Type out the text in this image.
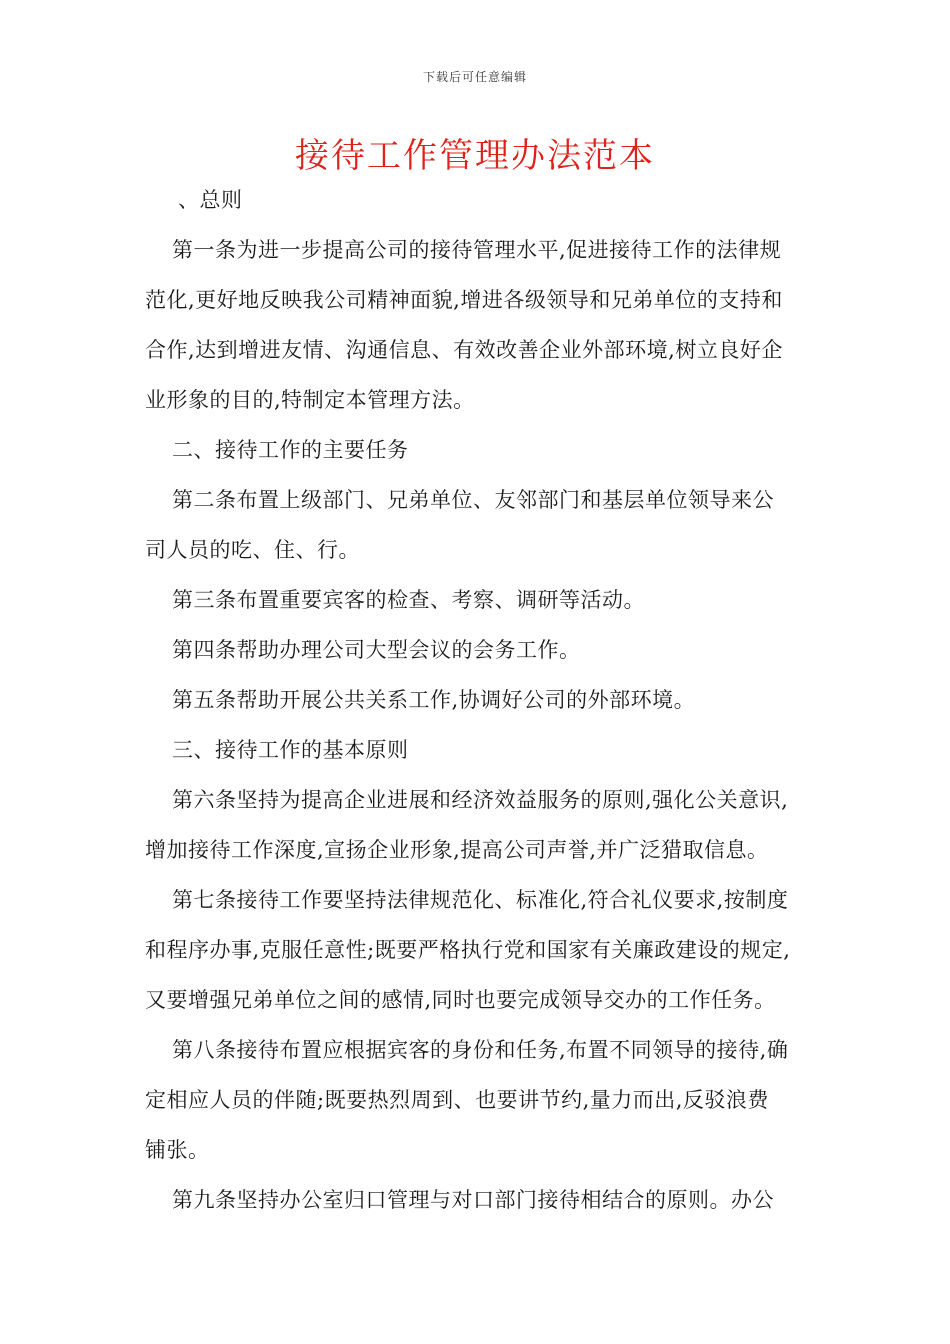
下载后可任意编辑
接待工作管理办法范本
、总则
第一条为进一步提高公司的接待管理水平,促进接待工作的法律规
范化,更好地反映我公司精神面貌,增进各级领导和兄弟单位的支持和
合作,达到增进友情、沟通信息、有效改善企业外部环境,树立良好企
业形象的目的,特制定本管理方法。
二、接待工作的主要任务
第二条布置上级部门、兄弟单位、友邻部门和基层单位领导来公
司人员的吃、住、行。
第三条布置重要宾客的检查、考察、调研等活动。
第四条帮助办理公司大型会议的会务工作。
第五条帮助开展公共关系工作,协调好公司的外部环境。
三、接待工作的基本原则
第六条坚持为提高企业进展和经济效益服务的原则,强化公关意识,
增加接待工作深度,宣扬企业形象,提高公司声誉,并广泛猎取信息。
第七条接待工作要坚持法律规范化、标准化,符合礼仪要求,按制度
和程序办事,克服任意性;既要严格执行党和国家有关廉政建设的规定,
又要增强兄弟单位之间的感情,同时也要完成领导交办的工作任务。
第八条接待布置应根据宾客的身份和任务,布置不同领导的接待,确
定相应人员的伴随;既要热烈周到、也要讲节约,量力而出,反驳浪费
铺张。
第九条坚持办公室归口管理与对口部门接待相结合的原则。办公
